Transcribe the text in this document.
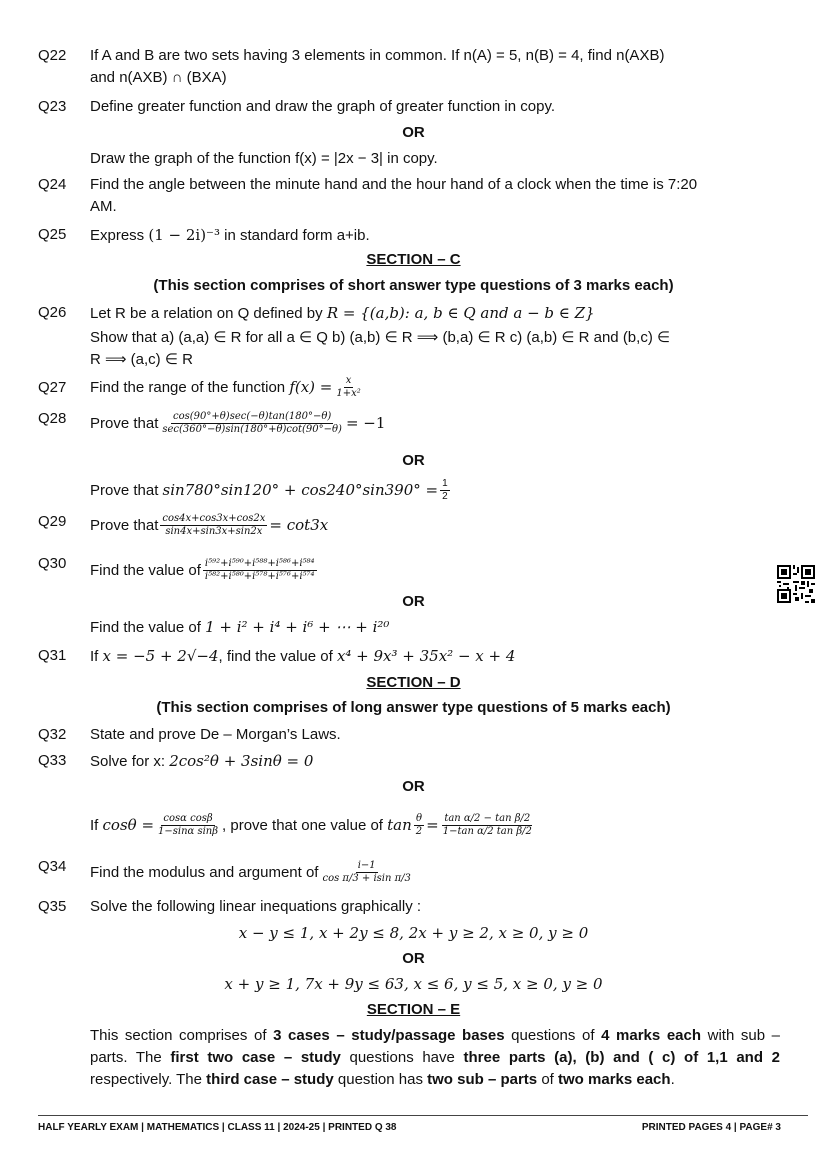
Q22 If A and B are two sets having 3 elements in common. If n(A) = 5, n(B) = 4, find n(AXB)
and n(AXB) ∩ (BXA)
Q23 Define greater function and draw the graph of greater function in copy.
OR
Draw the graph of the function f(x) = |2x − 3| in copy.
Q24 Find the angle between the minute hand and the hour hand of a clock when the time is 7:20
AM.
Q25 Express (1 − 2i)⁻³ in standard form a+ib.
SECTION – C
(This section comprises of short answer type questions of 3 marks each)
Q26 Let R be a relation on Q defined by R = {(a,b): a, b ∈ Q and a − b ∈ Z}
Show that a) (a,a) ∈ R for all a ∈ Q b) (a,b) ∈ R ⟹ (b,a) ∈ R c) (a,b) ∈ R and (b,c) ∈
R ⟹ (a,c) ∈ R
Q27 Find the range of the function
$f(x) = \frac{x}{\text{1+x²}}$
Q28 Prove that cos(90°+θ)sec(−θ)tan(180°−θ)
sec(360°−θ)sin(180°+θ)cot(90°−θ) = −1
OR
Prove that
$\sin 780^\circ\sin 120^\circ + \cos 240^\circ\sin 390^\circ = \frac{1}{2}$
Q29 Prove that $\frac{\cos 4x+\cos 3x+\cos 2x}{\sin 4x+\sin 3x+\sin 2x} = \cot 3x$
Q30 Find the value of i⁵⁹²+i⁵⁹⁰+i⁵⁸⁸+i⁵⁸⁶+i⁵⁸⁴
i⁵⁸²+i⁵⁸⁰+i⁵⁷⁸+i⁵⁷⁶+i⁵⁷⁴
OR
Find the value of 1 + i² + i⁴ + i⁶ + ⋯ + i²⁰
Q31 If x = −5 + 2√−4, find the value of x⁴ + 9x³ + 35x² − x + 4
SECTION – D
(This section comprises of long answer type questions of 5 marks each)
Q32 State and prove De – Morgan’s Laws.
Q33 Solve for x: 2cos²θ + 3sinθ = 0
OR
If
$\cos\theta = \frac{\text{cosα cosβ}}{\text{1−sinα sinβ}}$ , prove that one value of
$\tan \frac{\theta}{2} = \frac{\text{tan α/2 − tan β/2}}{\text{1−tan α/2 tan β/2}}$
Q34 Find the modulus and argument of	i−1
cos π/3 + isin π/3
Q35 Solve the following linear inequations graphically :
x − y ≤ 1, x + 2y ≤ 8, 2x + y ≥ 2, x ≥ 0, y ≥ 0
OR
x + y ≥ 1, 7x + 9y ≤ 63, x ≤ 6, y ≤ 5, x ≥ 0, y ≥ 0
SECTION – E
This section comprises of 3 cases – study/passage bases questions of 4 marks each with sub – parts. The first two case – study questions have three parts (a), (b) and ( c) of 1,1 and 2 respectively. The third case – study question has two sub – parts of two marks each.
HALF YEARLY EXAM | MATHEMATICS | CLASS 11 | 2024-25 | PRINTED Q 38	PRINTED PAGES 4 | PAGE# 3
